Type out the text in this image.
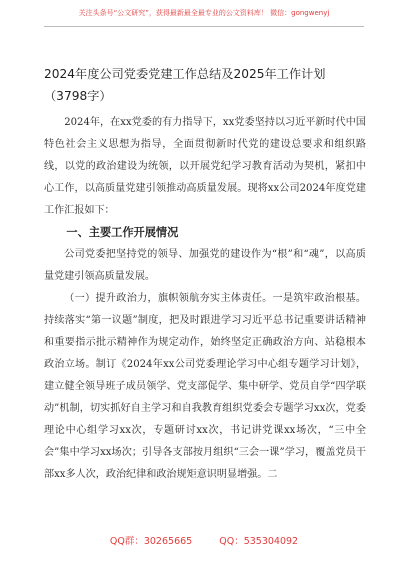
关注头条号“公文研究”，获得最新最全最专业的公文资料库！ 微信：gongwenyj
2024年度公司党委党建工作总结及2025年工作计划（3798字）

2024年，在xx党委的有力指导下，xx党委坚持以习近平新时代中国特色社会主义思想为指导，全面贯彻新时代党的建设总要求和组织路线，以党的政治建设为统领，以开展党纪学习教育活动为契机，紧扣中心工作，以高质量党建引领推动高质量发展。现将xx公司2024年度党建工作汇报如下：

一、主要工作开展情况

公司党委把坚持党的领导、加强党的建设作为“根”和“魂”，以高质量党建引领高质量发展。

（一）提升政治力，旗帜领航夯实主体责任。一是筑牢政治根基。持续落实“第一议题”制度，把及时跟进学习习近平总书记重要讲话精神和重要指示批示精神作为规定动作，始终坚定正确政治方向、站稳根本政治立场。制订《2024年xx公司党委理论学习中心组专题学习计划》，建立健全领导班子成员领学、党支部促学、集中研学、党员自学“四学联动”机制，切实抓好自主学习和自我教育组织党委会专题学习xx次，党委理论中心组学习xx次，专题研讨xx次，书记讲党课xx场次，“三中全会”集中学习xx场次；引导各支部按月组织“三会一课”学习，覆盖党员干部xx多人次，政治纪律和政治规矩意识明显增强。二

QQ群：30265665	QQ：535304092
